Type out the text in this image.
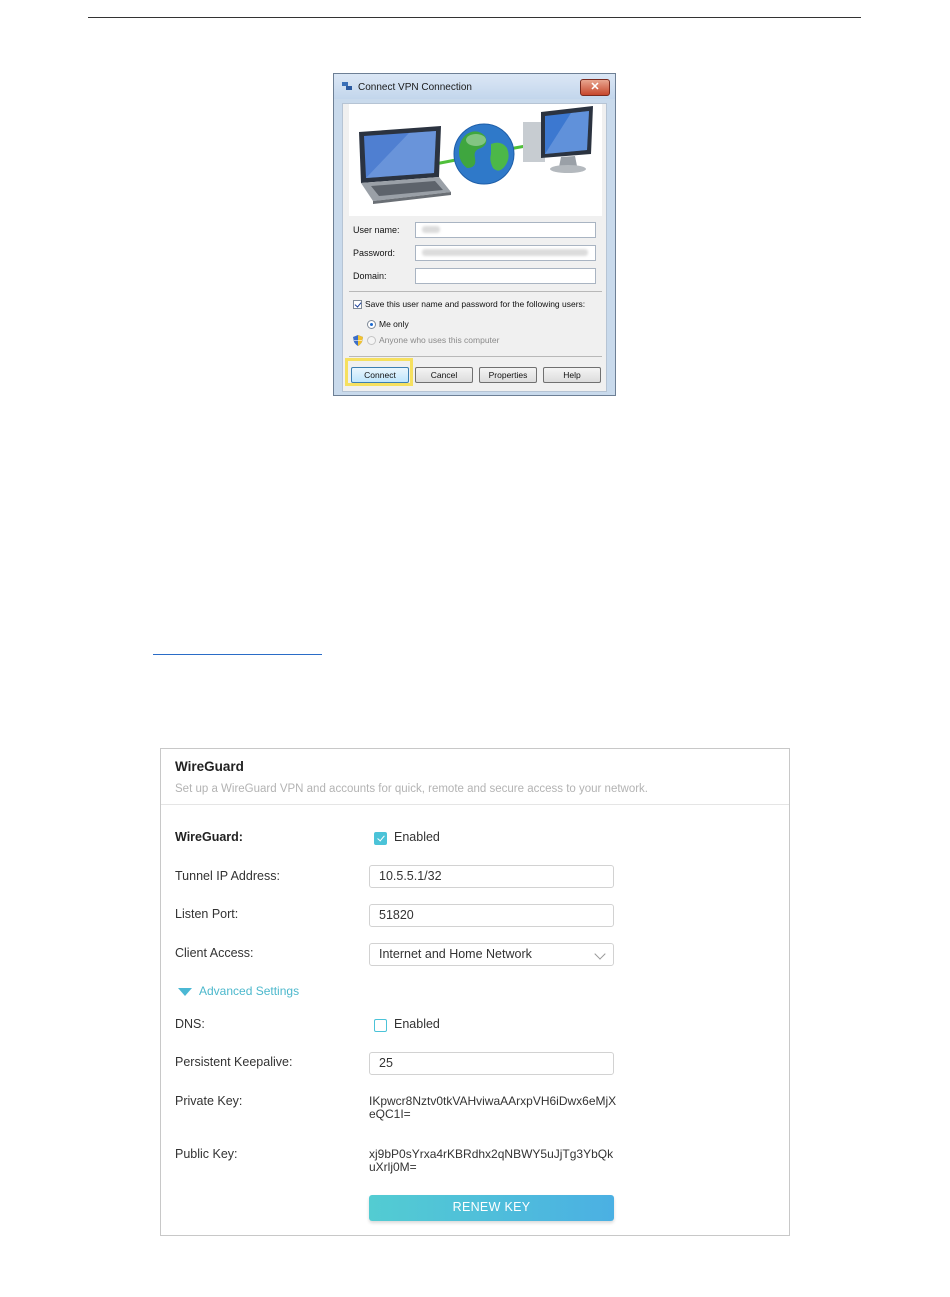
Connect VPN Connection	✕
User name:
Password:
Domain:
Save this user name and password for the following users:
Me only
Anyone who uses this computer
Connect	Cancel	Properties	Help
WireGuard
Set up a WireGuard VPN and accounts for quick, remote and secure access to your network.
WireGuard:	Enabled
Tunnel IP Address:	10.5.5.1/32
Listen Port:	51820
Client Access:	Internet and Home Network
Advanced Settings
DNS:	Enabled
Persistent Keepalive:	25
Private Key:	IKpwcr8Nztv0tkVAHviwaAArxpVH6iDwx6eMjXeQC1I=
Public Key:	xj9bP0sYrxa4rKBRdhx2qNBWY5uJjTg3YbQkuXrlj0M=
RENEW KEY
